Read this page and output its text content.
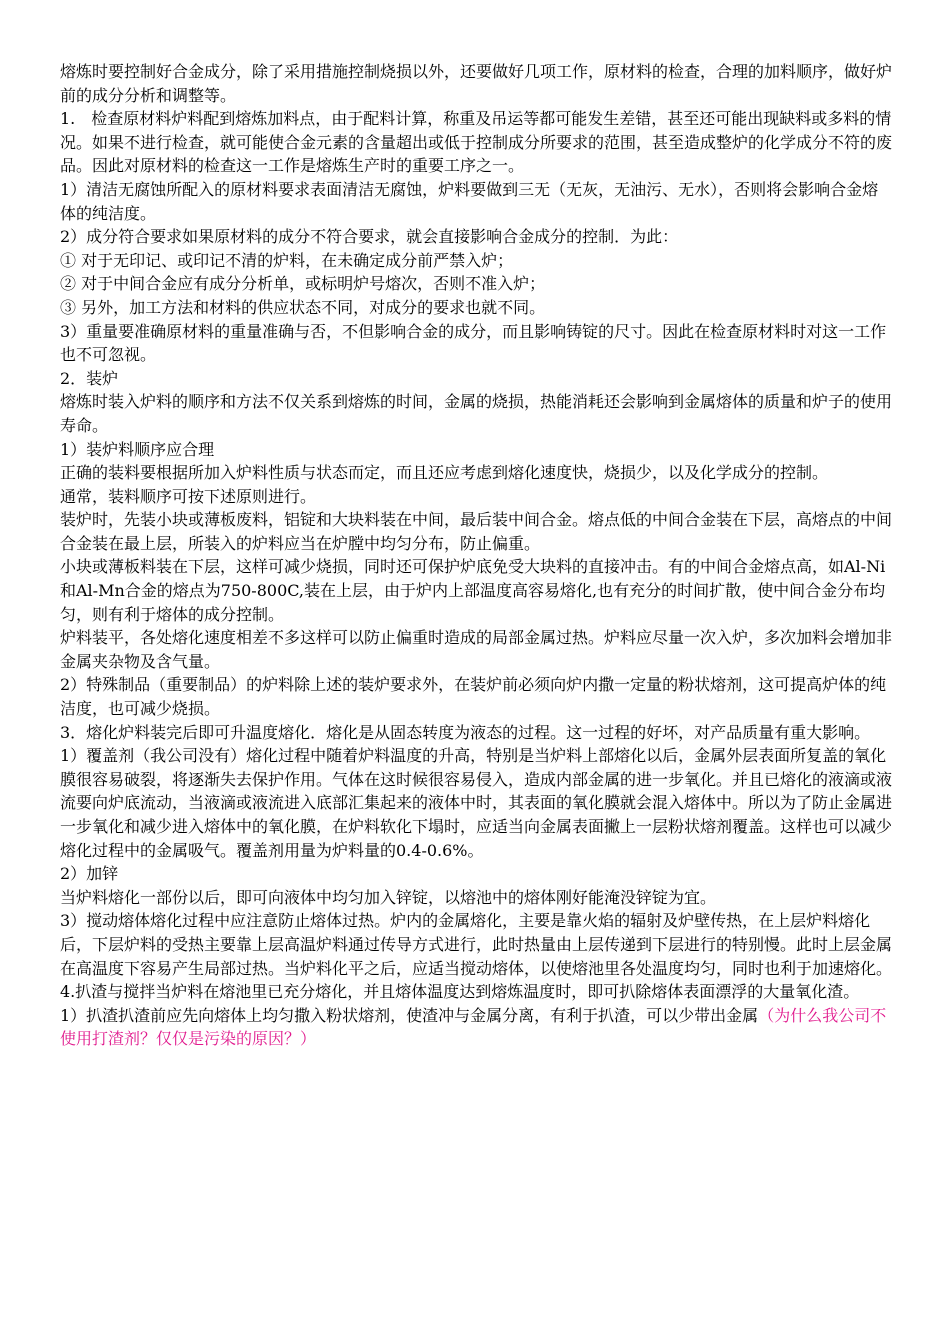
熔炼时要控制好合金成分，除了采用措施控制烧损以外，还要做好几项工作，原材料的检查，合理的加料顺序，做好炉前的成分分析和调整等。

1.　检查原材料炉料配到熔炼加料点，由于配料计算，称重及吊运等都可能发生差错，甚至还可能出现缺料或多料的情况。如果不进行检查，就可能使合金元素的含量超出或低于控制成分所要求的范围，甚至造成整炉的化学成分不符的废品。因此对原材料的检查这一工作是熔炼生产时的重要工序之一。

1）清洁无腐蚀所配入的原材料要求表面清洁无腐蚀，炉料要做到三无（无灰，无油污、无水），否则将会影响合金熔体的纯洁度。

2）成分符合要求如果原材料的成分不符合要求，就会直接影响合金成分的控制．为此：

① 对于无印记、或印记不清的炉料，在未确定成分前严禁入炉；

② 对于中间合金应有成分分析单，或标明炉号熔次，否则不准入炉；

③ 另外，加工方法和材料的供应状态不同，对成分的要求也就不同。

3）重量要准确原材料的重量准确与否，不但影响合金的成分，而且影响铸锭的尺寸。因此在检查原材料时对这一工作也不可忽视。

2．装炉

熔炼时装入炉料的顺序和方法不仅关系到熔炼的时间，金属的烧损，热能消耗还会影响到金属熔体的质量和炉子的使用寿命。

1）装炉料顺序应合理

正确的装料要根据所加入炉料性质与状态而定，而且还应考虑到熔化速度快，烧损少，以及化学成分的控制。

通常，装料顺序可按下述原则进行。

装炉时，先装小块或薄板废料，铝锭和大块料装在中间，最后装中间合金。熔点低的中间合金装在下层，高熔点的中间合金装在最上层，所装入的炉料应当在炉膛中均匀分布，防止偏重。

小块或薄板料装在下层，这样可减少烧损，同时还可保护炉底免受大块料的直接冲击。有的中间合金熔点高，如Al-Ni和Al-Mn合金的熔点为750-800C,装在上层，由于炉内上部温度高容易熔化,也有充分的时间扩散，使中间合金分布均匀，则有利于熔体的成分控制。

炉料装平，各处熔化速度相差不多这样可以防止偏重时造成的局部金属过热。炉料应尽量一次入炉，多次加料会增加非金属夹杂物及含气量。

2）特殊制品（重要制品）的炉料除上述的装炉要求外，在装炉前必须向炉内撒一定量的粉状熔剂，这可提高炉体的纯洁度，也可减少烧损。

3．熔化炉料装完后即可升温度熔化．熔化是从固态转度为液态的过程。这一过程的好坏，对产品质量有重大影响。

1）覆盖剂（我公司没有）熔化过程中随着炉料温度的升高，特别是当炉料上部熔化以后，金属外层表面所复盖的氧化膜很容易破裂，将逐渐失去保护作用。气体在这时候很容易侵入，造成内部金属的进一步氧化。并且已熔化的液滴或液流要向炉底流动，当液滴或液流进入底部汇集起来的液体中时，其表面的氧化膜就会混入熔体中。所以为了防止金属进一步氧化和减少进入熔体中的氧化膜，在炉料软化下塌时，应适当向金属表面撇上一层粉状熔剂覆盖。这样也可以减少熔化过程中的金属吸气。覆盖剂用量为炉料量的0.4-0.6%。

2）加锌

当炉料熔化一部份以后，即可向液体中均匀加入锌锭，以熔池中的熔体刚好能淹没锌锭为宜。

3）搅动熔体熔化过程中应注意防止熔体过热。炉内的金属熔化，主要是靠火焰的辐射及炉壁传热，在上层炉料熔化后，下层炉料的受热主要靠上层高温炉料通过传导方式进行，此时热量由上层传递到下层进行的特别慢。此时上层金属在高温度下容易产生局部过热。当炉料化平之后，应适当搅动熔体，以使熔池里各处温度均匀，同时也利于加速熔化。

4.扒渣与搅拌当炉料在熔池里已充分熔化，并且熔体温度达到熔炼温度时，即可扒除熔体表面漂浮的大量氧化渣。

1）扒渣扒渣前应先向熔体上均匀撒入粉状熔剂，使渣冲与金属分离，有利于扒渣，可以少带出金属（为什么我公司不使用打渣剂？仅仅是污染的原因？）
